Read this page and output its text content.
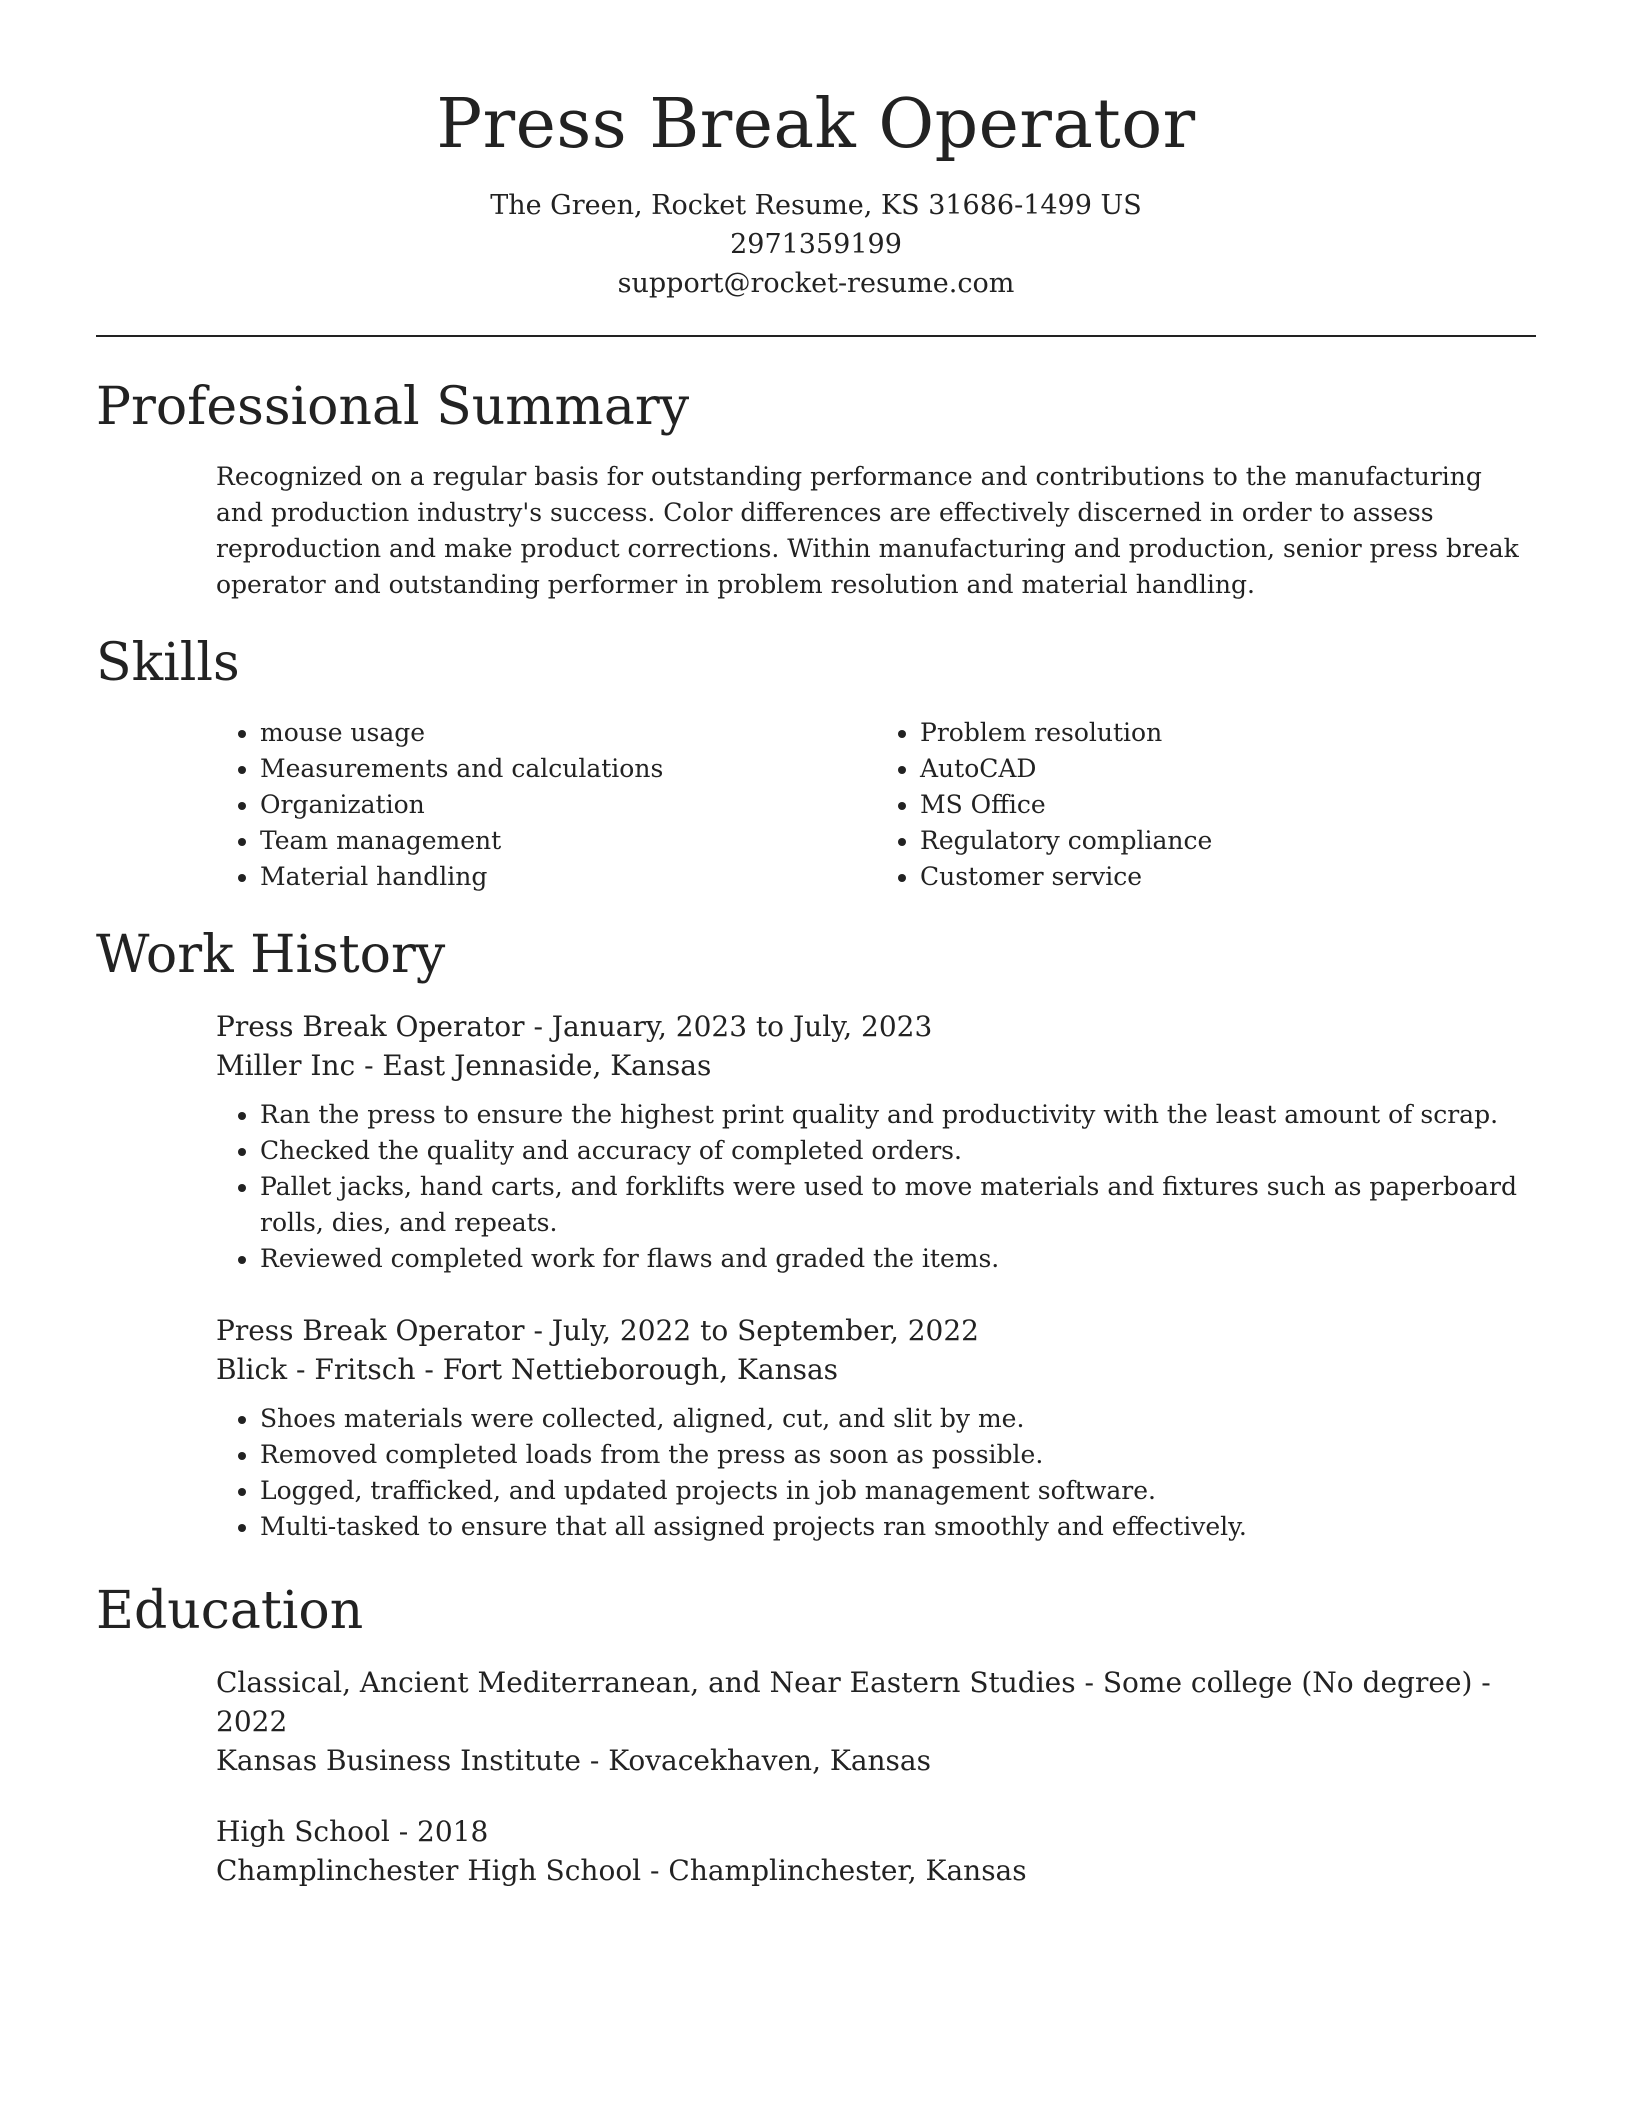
Press Break Operator
The Green, Rocket Resume, KS 31686-1499 US
2971359199
support@rocket-resume.com
Professional Summary

Recognized on a regular basis for outstanding performance and contributions to the manufacturing and production industry's success. Color differences are effectively discerned in order to assess reproduction and make product corrections. Within manufacturing and production, senior press break operator and outstanding performer in problem resolution and material handling.

Skills
• mouse usage
• Measurements and calculations
• Organization
• Team management
• Material handling
• Problem resolution
• AutoCAD
• MS Office
• Regulatory compliance
• Customer service
Work History
Press Break Operator - January, 2023 to July, 2023
Miller Inc - East Jennaside, Kansas
• Ran the press to ensure the highest print quality and productivity with the least amount of scrap.
• Checked the quality and accuracy of completed orders.
• Pallet jacks, hand carts, and forklifts were used to move materials and fixtures such as paperboard rolls, dies, and repeats.
• Reviewed completed work for flaws and graded the items.
Press Break Operator - July, 2022 to September, 2022
Blick - Fritsch - Fort Nettieborough, Kansas
• Shoes materials were collected, aligned, cut, and slit by me.
• Removed completed loads from the press as soon as possible.
• Logged, trafficked, and updated projects in job management software.
• Multi-tasked to ensure that all assigned projects ran smoothly and effectively.
Education
Classical, Ancient Mediterranean, and Near Eastern Studies - Some college (No degree) - 2022
Kansas Business Institute - Kovacekhaven, Kansas
High School - 2018
Champlinchester High School - Champlinchester, Kansas
